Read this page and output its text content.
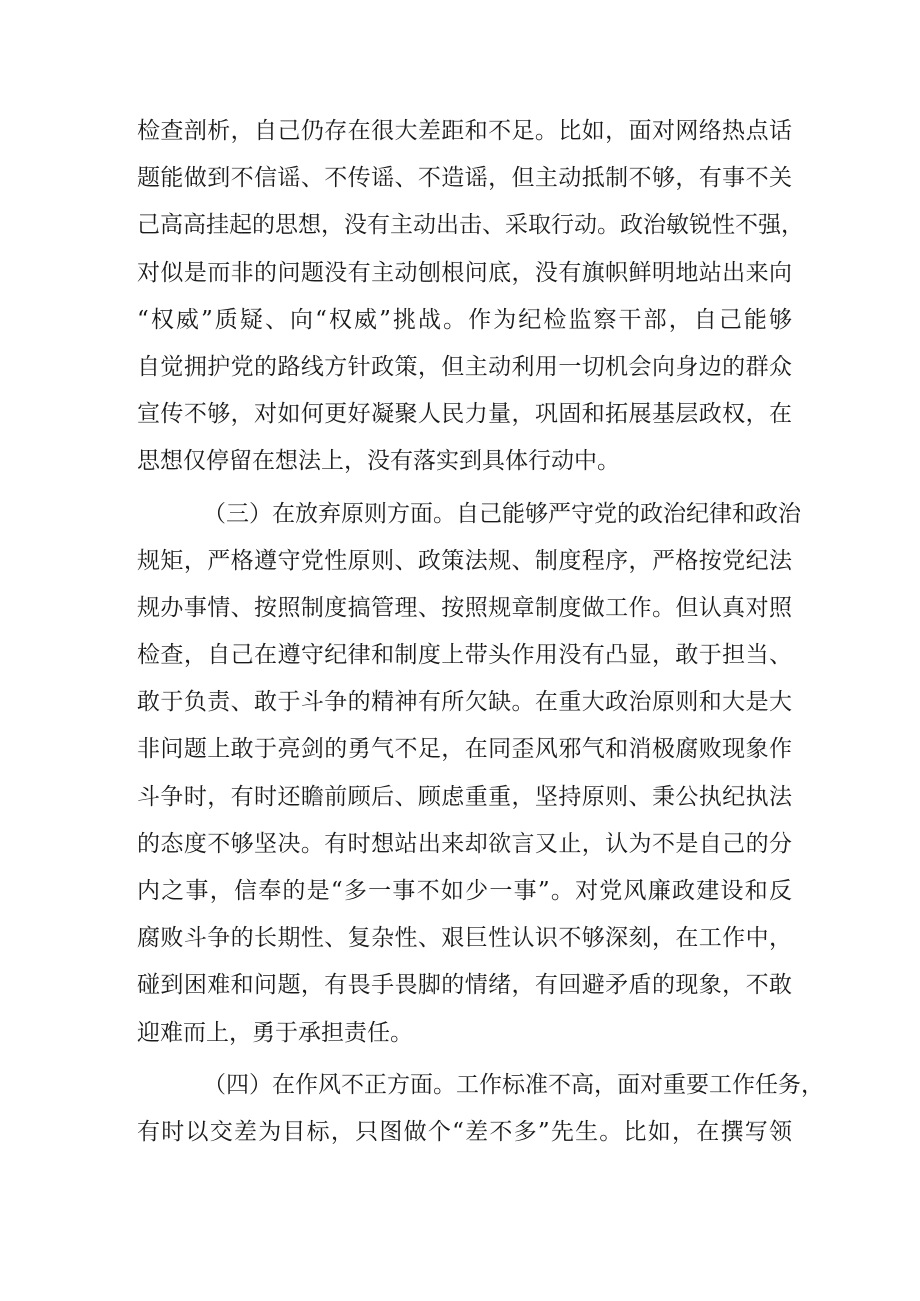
检查剖析，自己仍存在很大差距和不足。比如，面对网络热点话
题能做到不信谣、不传谣、不造谣，但主动抵制不够，有事不关
己高高挂起的思想，没有主动出击、采取行动。政治敏锐性不强，
对似是而非的问题没有主动刨根问底，没有旗帜鲜明地站出来向
“权威”质疑、向“权威”挑战。作为纪检监察干部，自己能够
自觉拥护党的路线方针政策，但主动利用一切机会向身边的群众
宣传不够，对如何更好凝聚人民力量，巩固和拓展基层政权，在
思想仅停留在想法上，没有落实到具体行动中。
（三）在放弃原则方面。自己能够严守党的政治纪律和政治
规矩，严格遵守党性原则、政策法规、制度程序，严格按党纪法
规办事情、按照制度搞管理、按照规章制度做工作。但认真对照
检查，自己在遵守纪律和制度上带头作用没有凸显，敢于担当、
敢于负责、敢于斗争的精神有所欠缺。在重大政治原则和大是大
非问题上敢于亮剑的勇气不足，在同歪风邪气和消极腐败现象作
斗争时，有时还瞻前顾后、顾虑重重，坚持原则、秉公执纪执法
的态度不够坚决。有时想站出来却欲言又止，认为不是自己的分
内之事，信奉的是“多一事不如少一事”。对党风廉政建设和反
腐败斗争的长期性、复杂性、艰巨性认识不够深刻，在工作中，
碰到困难和问题，有畏手畏脚的情绪，有回避矛盾的现象，不敢
迎难而上，勇于承担责任。
（四）在作风不正方面。工作标准不高，面对重要工作任务，
有时以交差为目标，只图做个“差不多”先生。比如，在撰写领
